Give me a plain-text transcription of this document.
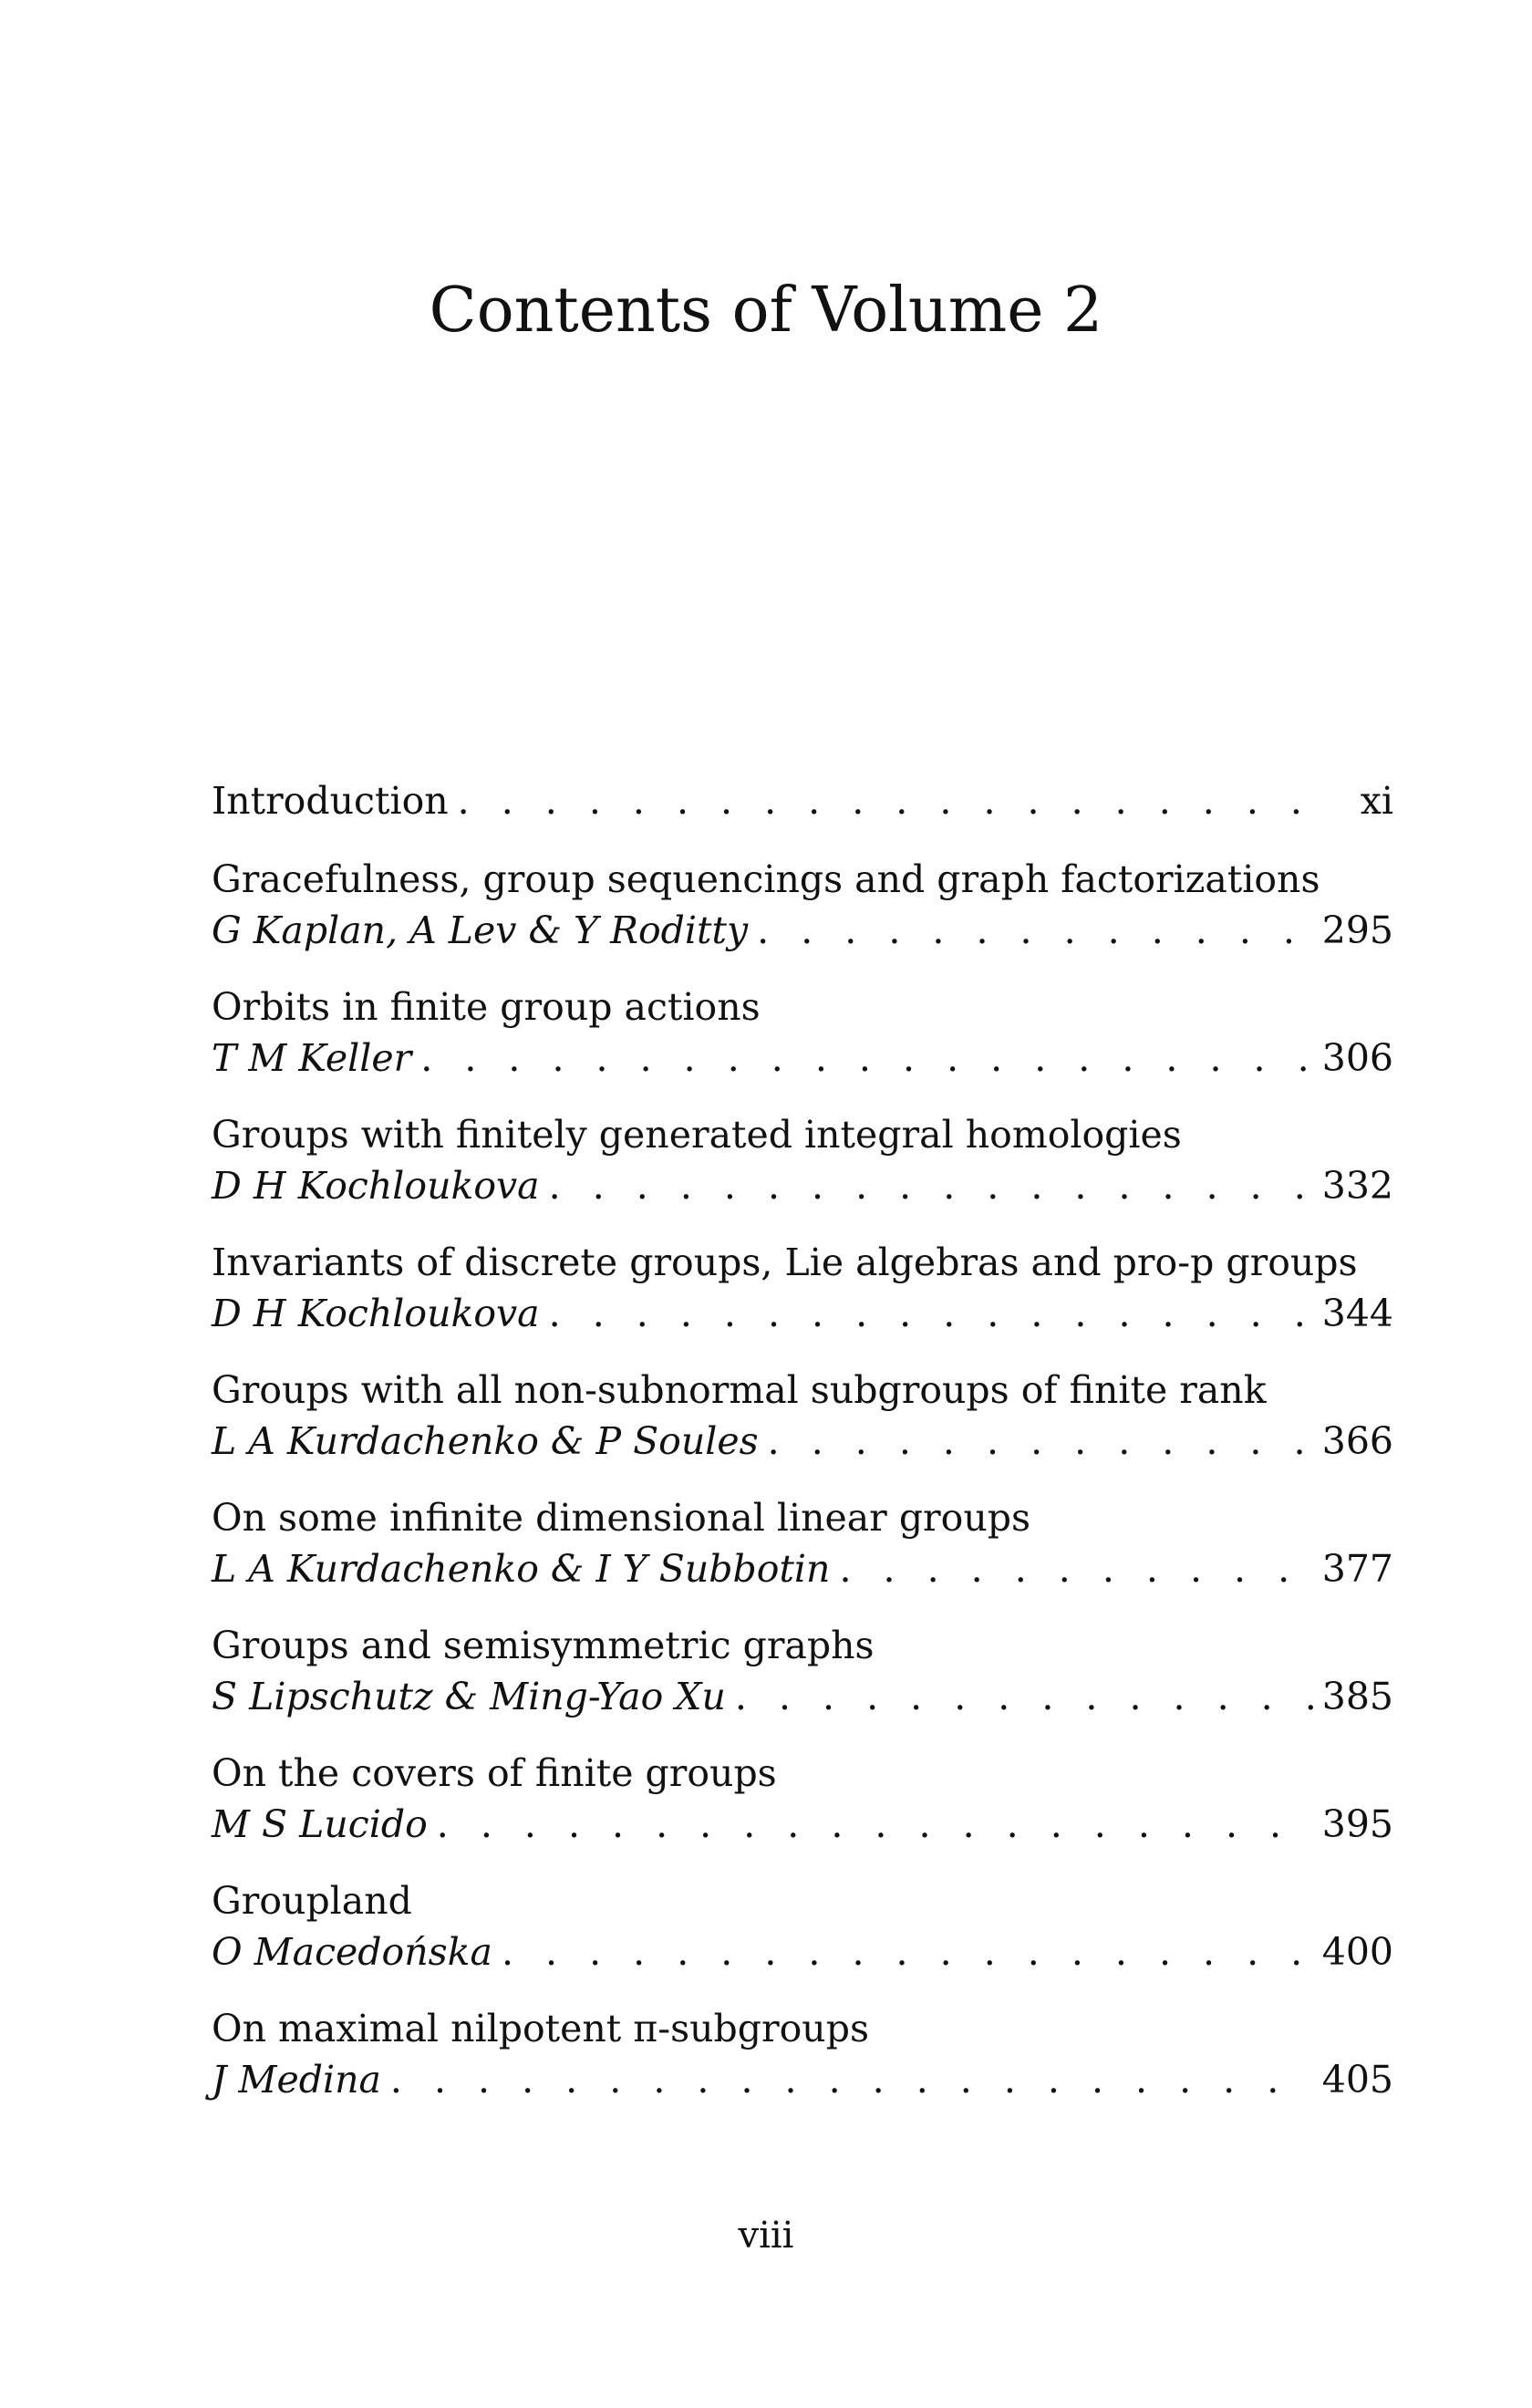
Contents of Volume 2
Introduction . . .	xi
Gracefulness, group sequencings and graph factorizations
G Kaplan, A Lev & Y Roditty . . .	295
Orbits in finite group actions
T M Keller . . .	306
Groups with finitely generated integral homologies
D H Kochloukova . . .	332
Invariants of discrete groups, Lie algebras and pro-p groups
D H Kochloukova . . .	344
Groups with all non-subnormal subgroups of finite rank
L A Kurdachenko & P Soules . . .	366
On some infinite dimensional linear groups
L A Kurdachenko & I Y Subbotin . . .	377
Groups and semisymmetric graphs
S Lipschutz & Ming-Yao Xu . . .	385
On the covers of finite groups
M S Lucido . . .	395
Groupland
O Macedońska . . .	400
On maximal nilpotent π-subgroups
J Medina . . .	405
viii
